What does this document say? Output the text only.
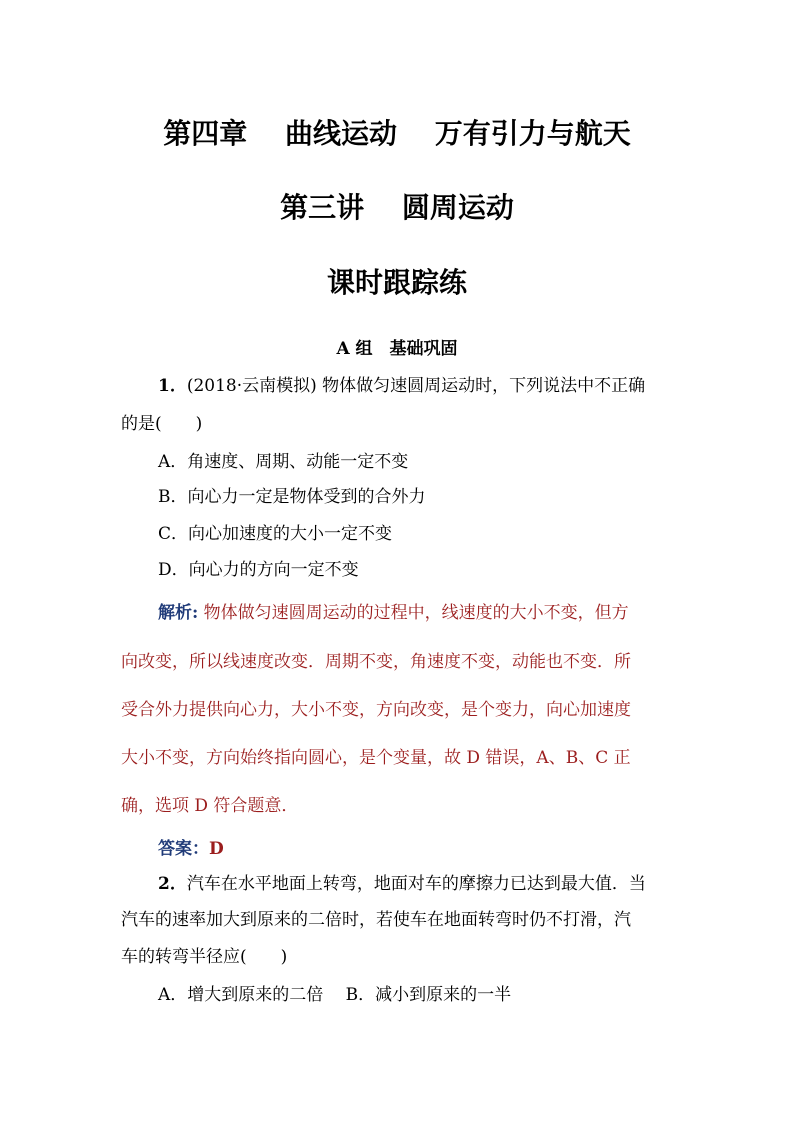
第四章　 曲线运动　 万有引力与航天
第三讲　 圆周运动
课时跟踪练
A 组　基础巩固
1．(2018·云南模拟) 物体做匀速圆周运动时，下列说法中不正确
的是(　　)
A．角速度、周期、动能一定不变
B．向心力一定是物体受到的合外力
C．向心加速度的大小一定不变
D．向心力的方向一定不变
解析: 物体做匀速圆周运动的过程中，线速度的大小不变，但方
向改变，所以线速度改变．周期不变，角速度不变，动能也不变．所
受合外力提供向心力，大小不变，方向改变，是个变力，向心加速度
大小不变，方向始终指向圆心，是个变量，故 D 错误，A、B、C 正
确，选项 D 符合题意．
答案：D
2．汽车在水平地面上转弯，地面对车的摩擦力已达到最大值．当
汽车的速率加大到原来的二倍时，若使车在地面转弯时仍不打滑，汽
车的转弯半径应(　　)
A．增大到原来的二倍　 B．减小到原来的一半
